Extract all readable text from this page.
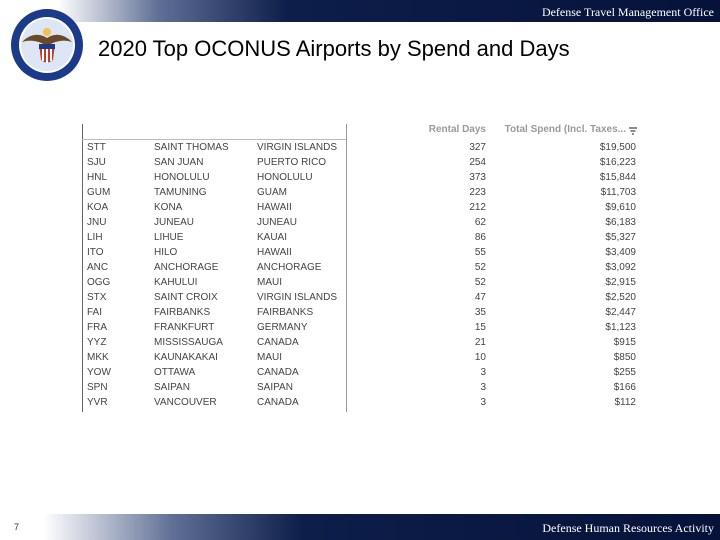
Defense Travel Management Office
2020 Top OCONUS Airports by Spend and Days
Rental Days Total Spend (Incl. Taxes...
STT	SAINT THOMAS	VIRGIN ISLANDS	327	$19,500
SJU	SAN JUAN	PUERTO RICO	254	$16,223
HNL	HONOLULU	HONOLULU	373	$15,844
GUM	TAMUNING	GUAM	223	$11,703
KOA	KONA	HAWAII	212	$9,610
JNU	JUNEAU	JUNEAU	62	$6,183
LIH	LIHUE	KAUAI	86	$5,327
ITO	HILO	HAWAII	55	$3,409
ANC	ANCHORAGE	ANCHORAGE	52	$3,092
OGG	KAHULUI	MAUI	52	$2,915
STX	SAINT CROIX	VIRGIN ISLANDS	47	$2,520
FAI	FAIRBANKS	FAIRBANKS	35	$2,447
FRA	FRANKFURT	GERMANY	15	$1,123
YYZ	MISSISSAUGA	CANADA	21	$915
MKK	KAUNAKAKAI	MAUI	10	$850
YOW	OTTAWA	CANADA	3	$255
SPN	SAIPAN	SAIPAN	3	$166
YVR	VANCOUVER	CANADA	3	$112
7	Defense Human Resources Activity
